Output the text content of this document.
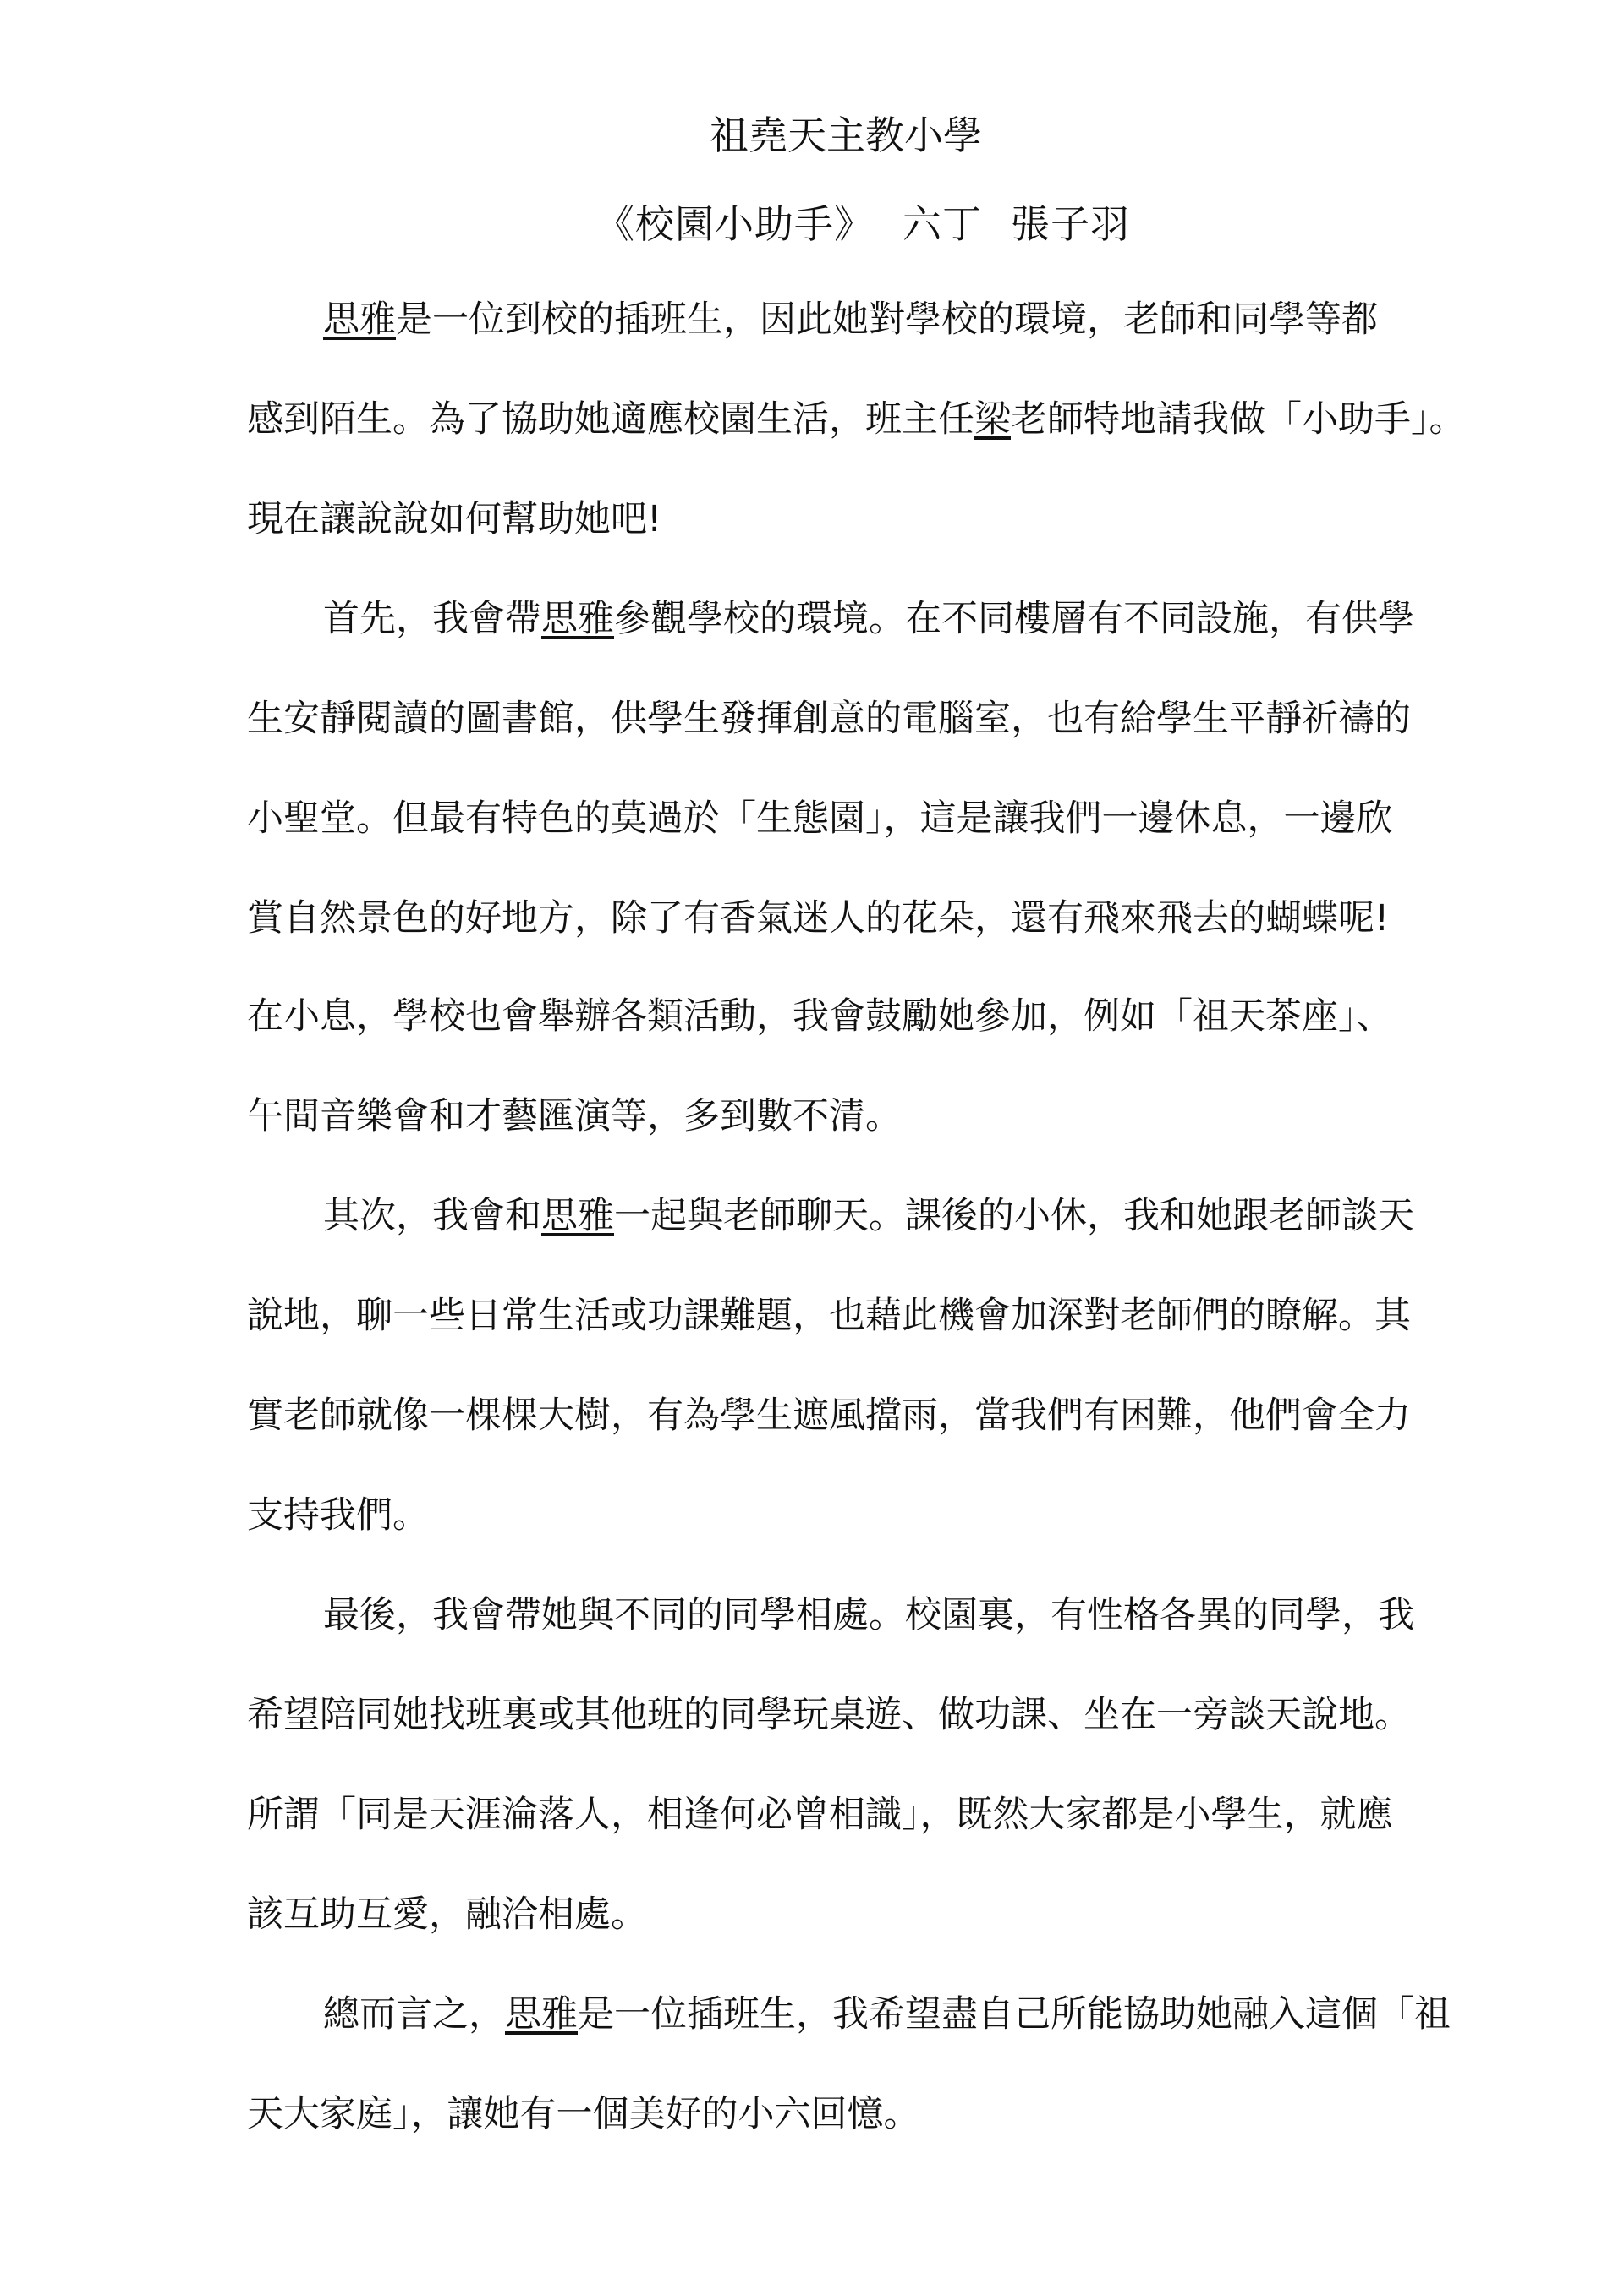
祖堯天主教小學
《校園小助手》 六丁 張子羽
思雅是一位到校的插班生，因此她對學校的環境，老師和同學等都
感到陌生。為了協助她適應校園生活，班主任梁老師特地請我做「小助手」。
現在讓說說如何幫助她吧!
首先，我會帶思雅參觀學校的環境。在不同樓層有不同設施，有供學
生安靜閱讀的圖書館，供學生發揮創意的電腦室，也有給學生平靜祈禱的
小聖堂。但最有特色的莫過於「生態園」，這是讓我們一邊休息，一邊欣
賞自然景色的好地方，除了有香氣迷人的花朵，還有飛來飛去的蝴蝶呢!
在小息，學校也會舉辦各類活動，我會鼓勵她參加，例如「祖天茶座」、
午間音樂會和才藝匯演等，多到數不清。
其次，我會和思雅一起與老師聊天。課後的小休，我和她跟老師談天
說地，聊一些日常生活或功課難題，也藉此機會加深對老師們的瞭解。其
實老師就像一棵棵大樹，有為學生遮風擋雨，當我們有困難，他們會全力
支持我們。
最後，我會帶她與不同的同學相處。校園裏，有性格各異的同學，我
希望陪同她找班裏或其他班的同學玩桌遊、做功課、坐在一旁談天說地。
所謂「同是天涯淪落人，相逢何必曾相識」，既然大家都是小學生，就應
該互助互愛，融洽相處。
總而言之，思雅是一位插班生，我希望盡自己所能協助她融入這個「祖
天大家庭」，讓她有一個美好的小六回憶。
